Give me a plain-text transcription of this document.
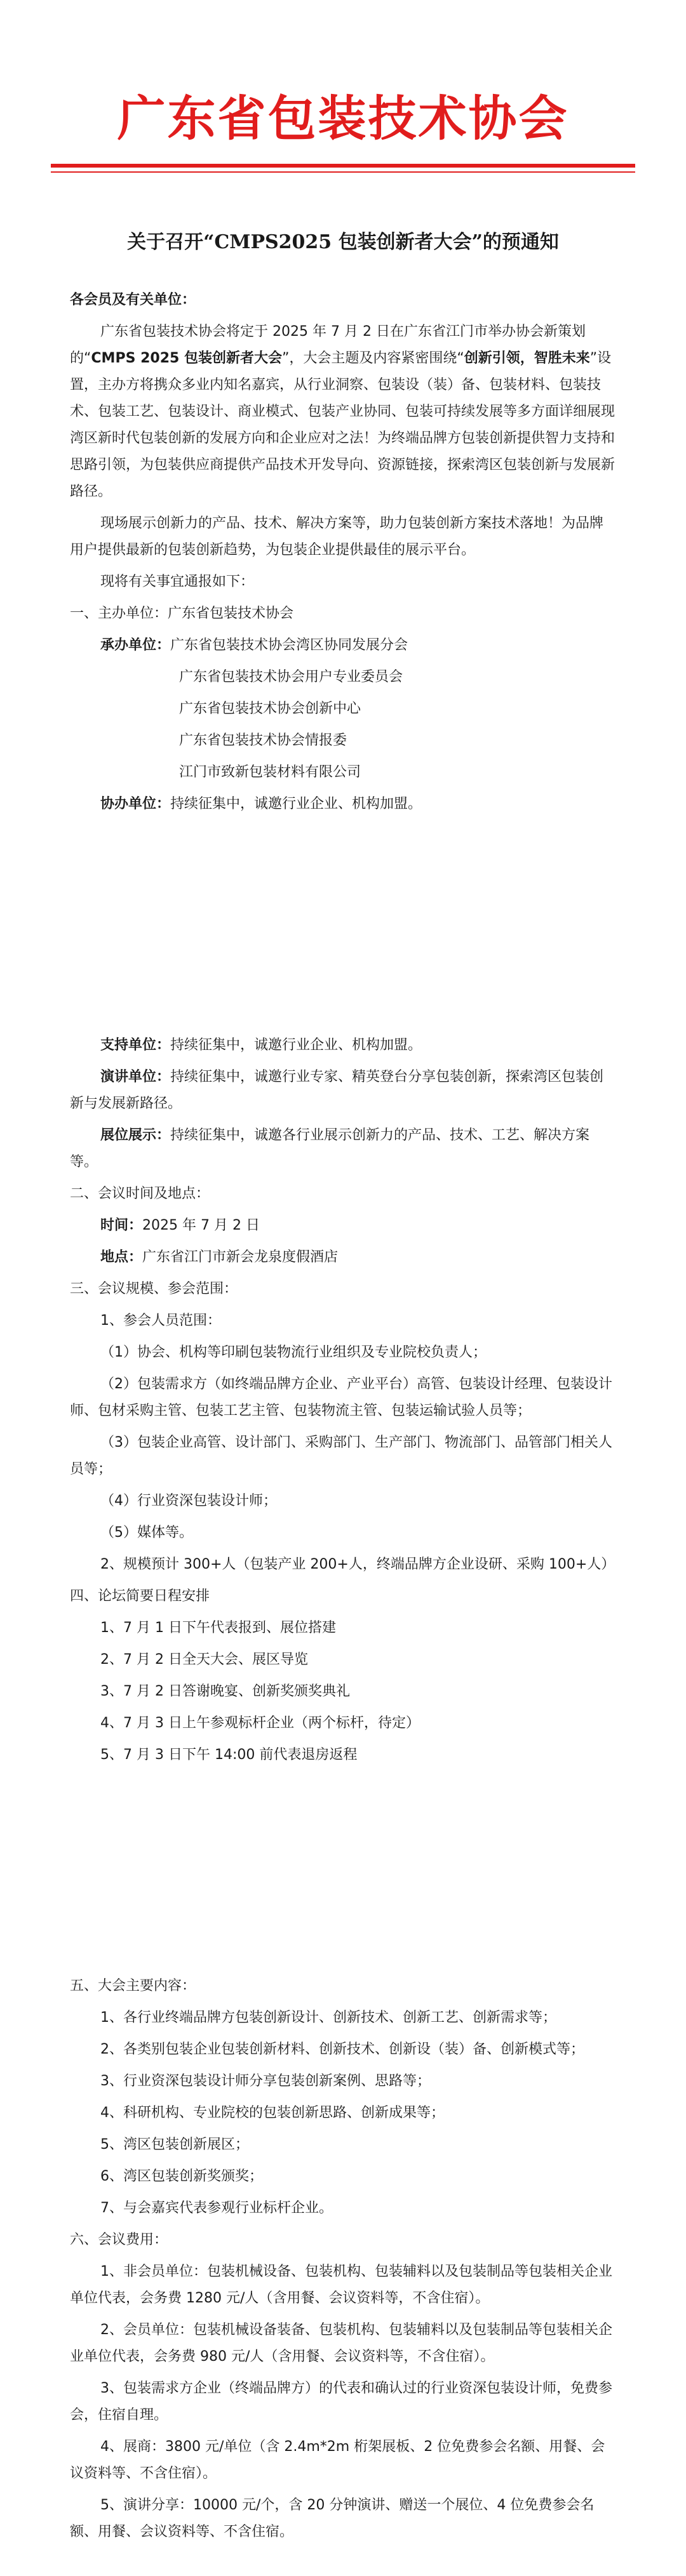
广东省包装技术协会
关于召开“CMPS2025 包装创新者大会”的预通知

各会员及有关单位：

广东省包装技术协会将定于 2025 年 7 月 2 日在广东省江门市举办协会新策划的“CMPS 2025 包装创新者大会”，大会主题及内容紧密围绕“创新引领，智胜未来”设置，主办方将携众多业内知名嘉宾，从行业洞察、包装设（装）备、包装材料、包装技术、包装工艺、包装设计、商业模式、包装产业协同、包装可持续发展等多方面详细展现湾区新时代包装创新的发展方向和企业应对之法！为终端品牌方包装创新提供智力支持和思路引领，为包装供应商提供产品技术开发导向、资源链接，探索湾区包装创新与发展新路径。

现场展示创新力的产品、技术、解决方案等，助力包装创新方案技术落地！为品牌用户提供最新的包装创新趋势，为包装企业提供最佳的展示平台。

现将有关事宜通报如下：

一、主办单位：广东省包装技术协会

承办单位：广东省包装技术协会湾区协同发展分会

广东省包装技术协会用户专业委员会

广东省包装技术协会创新中心

广东省包装技术协会情报委

江门市致新包装材料有限公司

协办单位：持续征集中，诚邀行业企业、机构加盟。

支持单位：持续征集中，诚邀行业企业、机构加盟。

演讲单位：持续征集中，诚邀行业专家、精英登台分享包装创新，探索湾区包装创新与发展新路径。

展位展示：持续征集中，诚邀各行业展示创新力的产品、技术、工艺、解决方案等。

二、会议时间及地点：

时间：2025 年 7 月 2 日

地点：广东省江门市新会龙泉度假酒店

三、会议规模、参会范围：

1、参会人员范围：

（1）协会、机构等印刷包装物流行业组织及专业院校负责人；

（2）包装需求方（如终端品牌方企业、产业平台）高管、包装设计经理、包装设计师、包材采购主管、包装工艺主管、包装物流主管、包装运输试验人员等；

（3）包装企业高管、设计部门、采购部门、生产部门、物流部门、品管部门相关人员等；

（4）行业资深包装设计师；

（5）媒体等。

2、规模预计 300+人（包装产业 200+人，终端品牌方企业设研、采购 100+人）

四、论坛简要日程安排

1、7 月 1 日下午代表报到、展位搭建

2、7 月 2 日全天大会、展区导览

3、7 月 2 日答谢晚宴、创新奖颁奖典礼

4、7 月 3 日上午参观标杆企业（两个标杆，待定）

5、7 月 3 日下午 14:00 前代表退房返程

五、大会主要内容：

1、各行业终端品牌方包装创新设计、创新技术、创新工艺、创新需求等；

2、各类别包装企业包装创新材料、创新技术、创新设（装）备、创新模式等；

3、行业资深包装设计师分享包装创新案例、思路等；

4、科研机构、专业院校的包装创新思路、创新成果等；

5、湾区包装创新展区；

6、湾区包装创新奖颁奖；

7、与会嘉宾代表参观行业标杆企业。

六、会议费用：

1、非会员单位：包装机械设备、包装机构、包装辅料以及包装制品等包装相关企业单位代表，会务费 1280 元/人（含用餐、会议资料等，不含住宿）。

2、会员单位：包装机械设备装备、包装机构、包装辅料以及包装制品等包装相关企业单位代表，会务费 980 元/人（含用餐、会议资料等，不含住宿）。

3、包装需求方企业（终端品牌方）的代表和确认过的行业资深包装设计师，免费参会，住宿自理。

4、展商：3800 元/单位（含 2.4m*2m 桁架展板、2 位免费参会名额、用餐、会议资料等、不含住宿）。

5、演讲分享：10000 元/个，含 20 分钟演讲、赠送一个展位、4 位免费参会名额、用餐、会议资料等、不含住宿。
